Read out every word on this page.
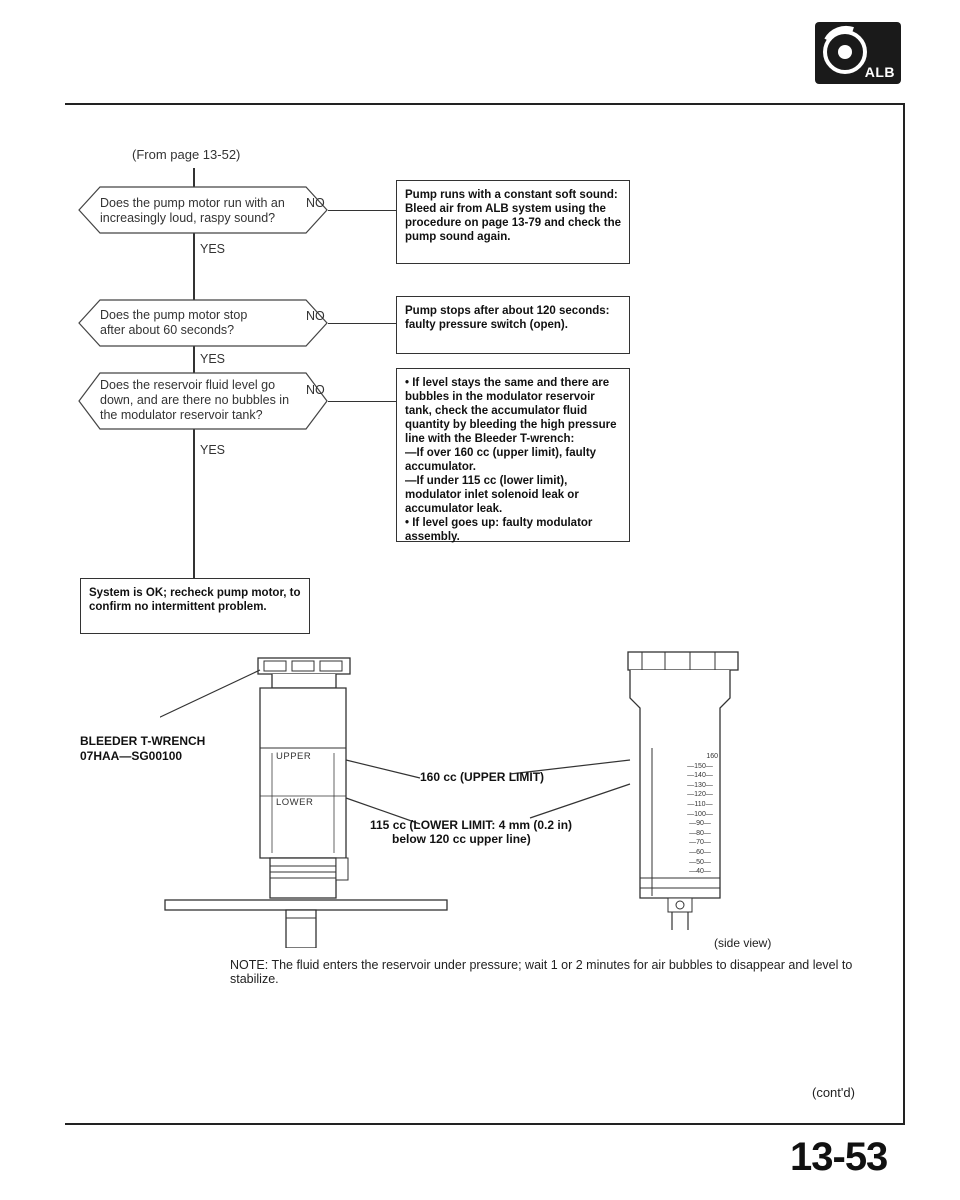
ALB
(From page 13-52)
Does the pump motor run with an increasingly loud, raspy sound?
Does the pump motor stop after about 60 seconds?
Does the reservoir fluid level go down, and are there no bubbles in the modulator reservoir tank?
YES
YES
YES
NO
NO
NO

Pump runs with a constant soft sound: Bleed air from ALB system using the procedure on page 13-79 and check the pump sound again.

Pump stops after about 120 seconds: faulty pressure switch (open).

• If level stays the same and there are bubbles in the modulator reservoir tank, check the accumulator fluid quantity by bleeding the high pressure line with the Bleeder T-wrench:

—If over 160 cc (upper limit), faulty accumulator.

—If under 115 cc (lower limit), modulator inlet solenoid leak or accumulator leak.

• If level goes up: faulty modulator assembly.

System is OK; recheck pump motor, to confirm no intermittent problem.

160
—150—
—140—
—130—
—120—
—110—
—100—
—90—
—80—
—70—
—60—
—50—
—40—
UPPER
LOWER
BLEEDER T-WRENCH
07HAA—SG00100
160 cc (UPPER LIMIT)
115 cc (LOWER LIMIT: 4 mm (0.2 in)
below 120 cc upper line)
(side view)
NOTE: The fluid enters the reservoir under pressure; wait 1 or 2 minutes for air bubbles to disappear and level to stabilize.
(cont'd)
13-53
